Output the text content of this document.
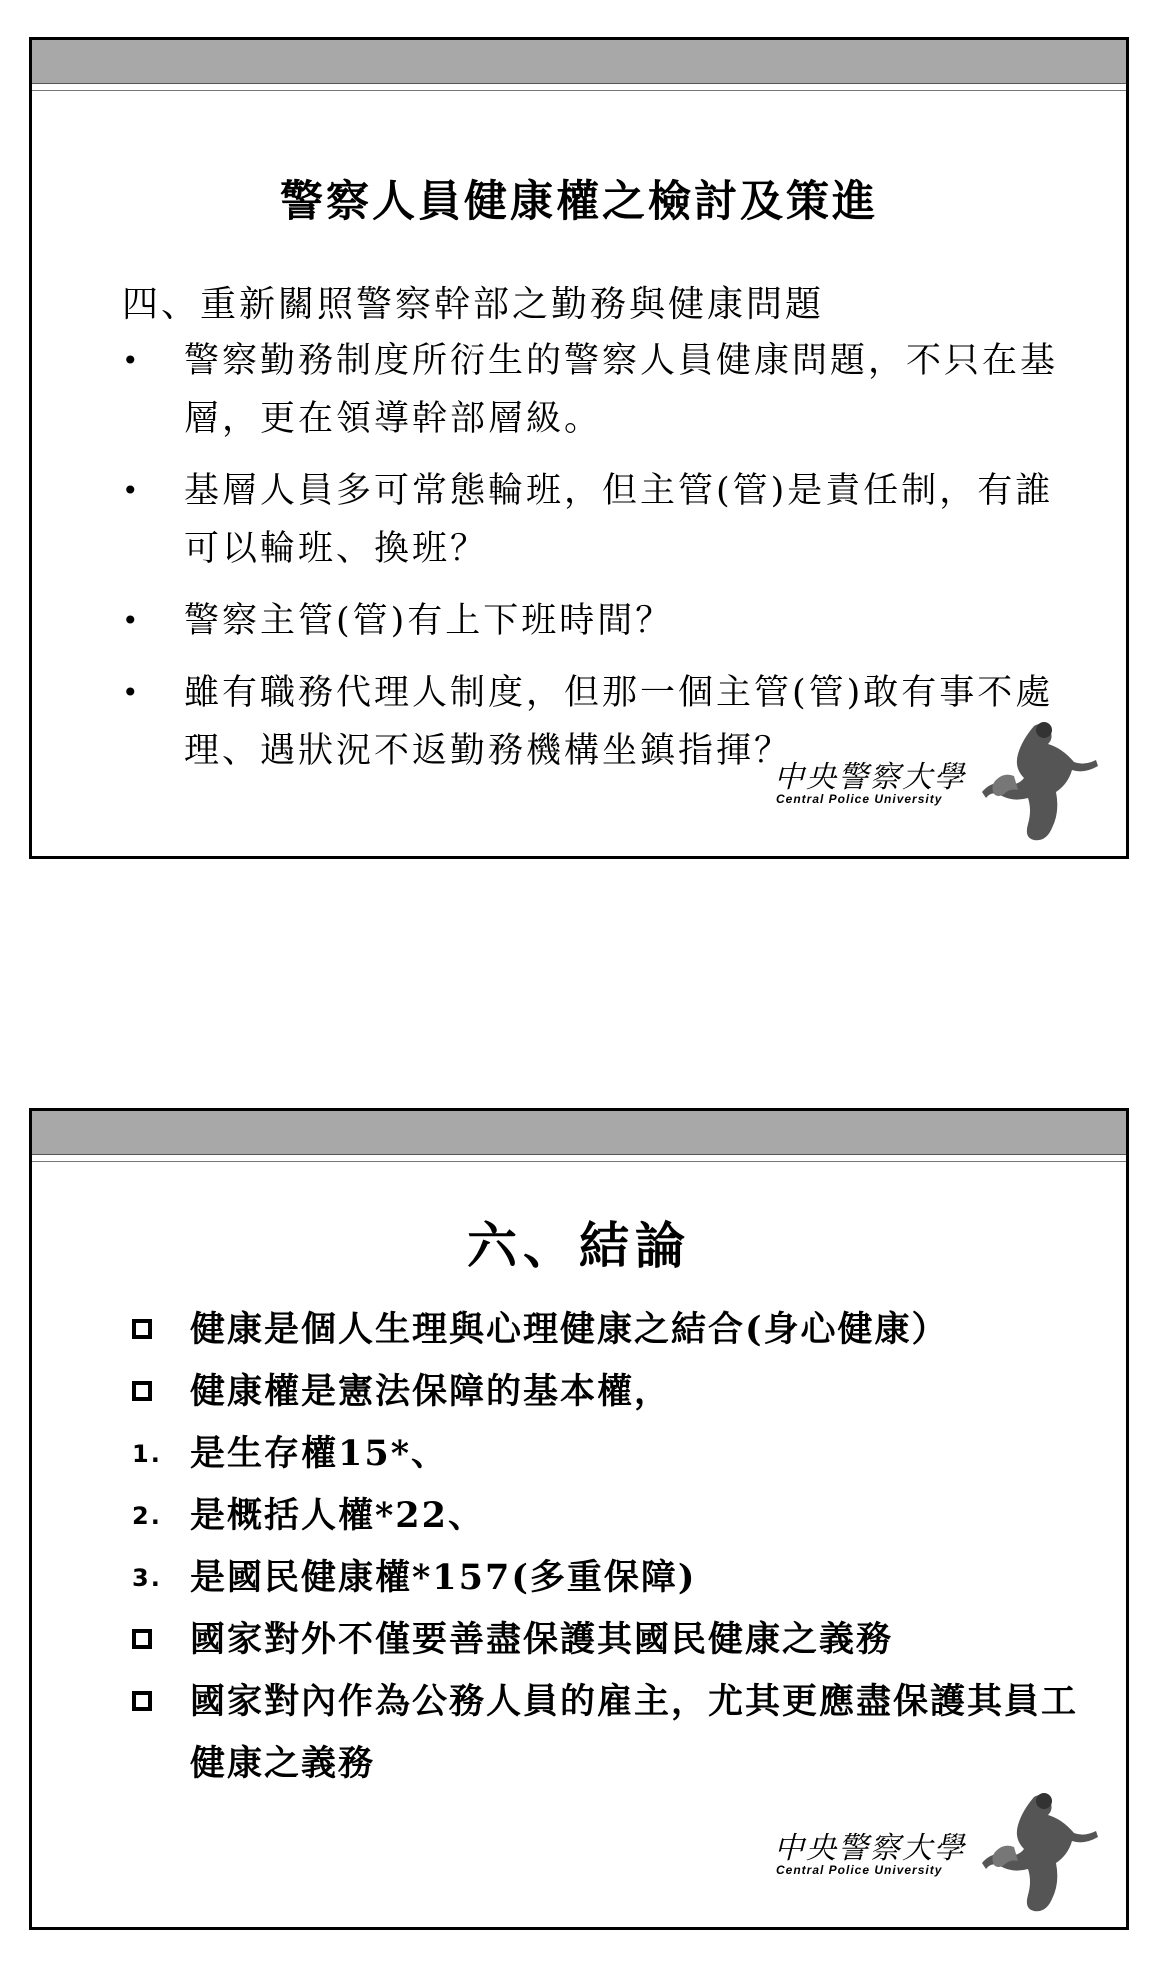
警察人員健康權之檢討及策進
四、重新關照警察幹部之勤務與健康問題
• 警察勤務制度所衍生的警察人員健康問題，不只在基層，更在領導幹部層級。
• 基層人員多可常態輪班，但主管(管)是責任制，有誰可以輪班、換班？
• 警察主管(管)有上下班時間？
• 雖有職務代理人制度，但那一個主管(管)敢有事不處理、遇狀況不返勤務機構坐鎮指揮？
中央警察大學
Central Police University
六、結論
健康是個人生理與心理健康之結合(身心健康）
健康權是憲法保障的基本權，
1. 是生存權15*、
2. 是概括人權*22、
3. 是國民健康權*157(多重保障)
國家對外不僅要善盡保護其國民健康之義務
國家對內作為公務人員的雇主，尤其更應盡保護其員工健康之義務
中央警察大學
Central Police University
